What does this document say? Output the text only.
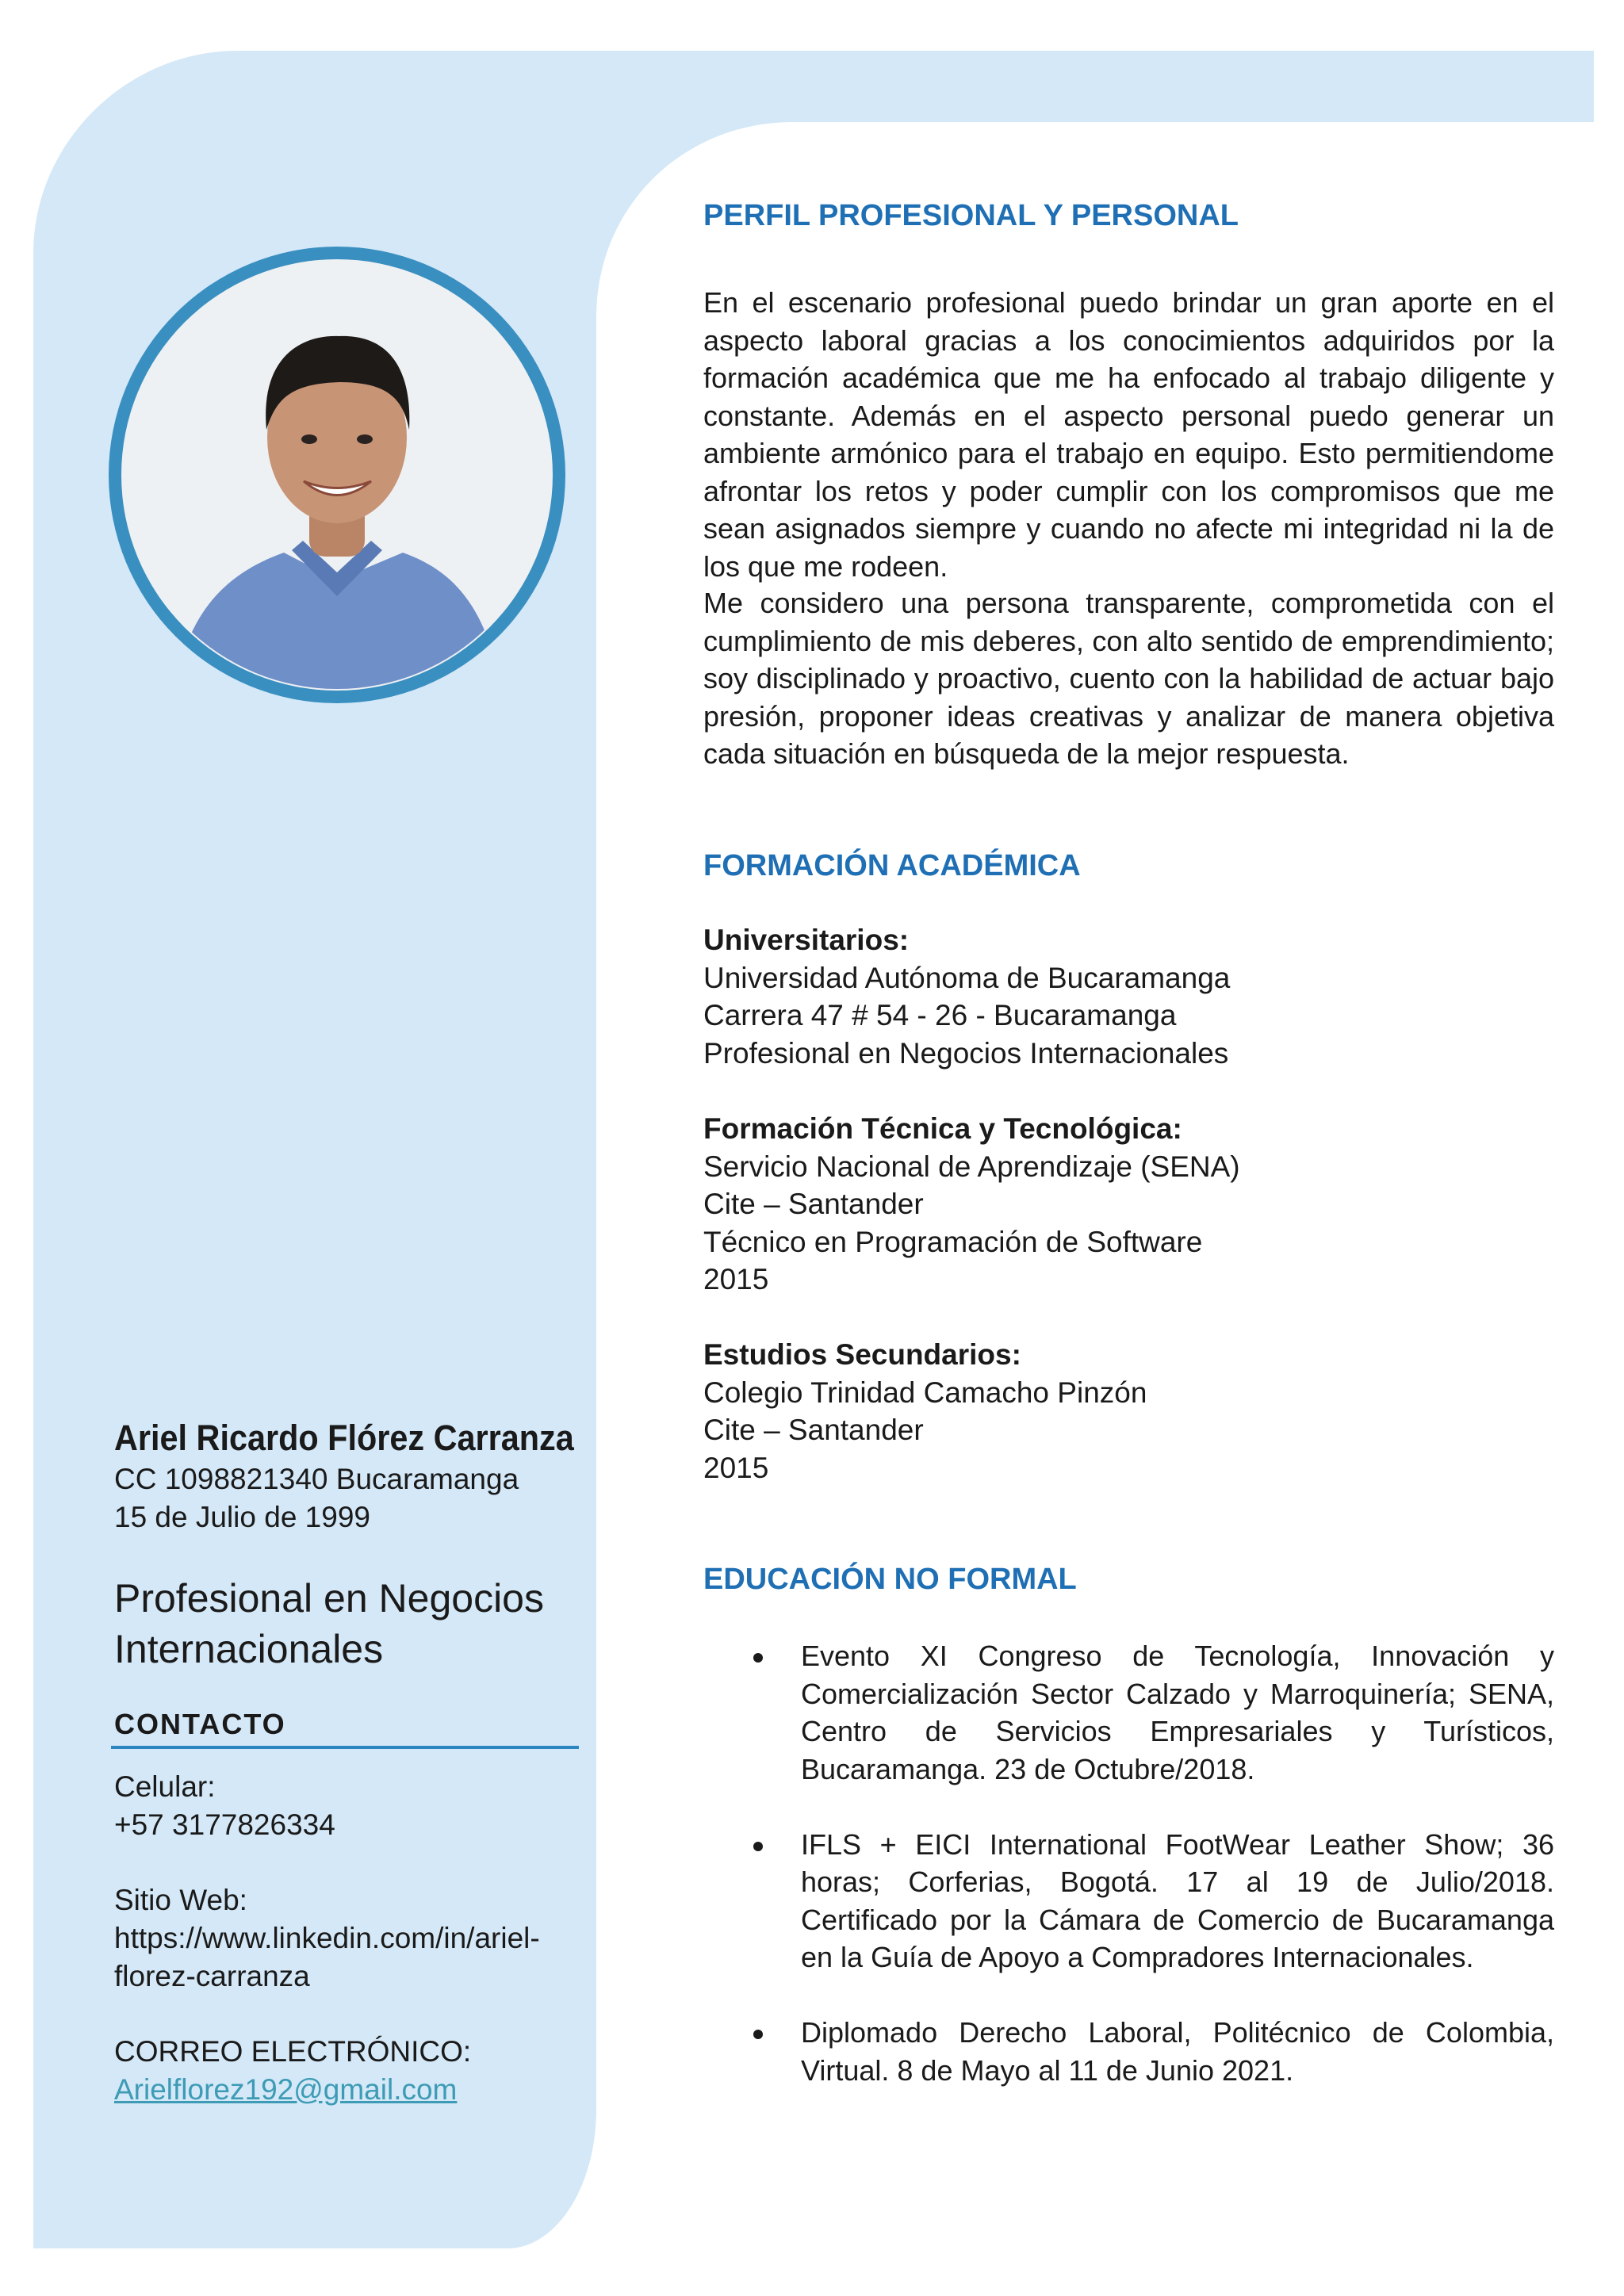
Ariel Ricardo Flórez Carranza
CC 1098821340 Bucaramanga
15 de Julio de 1999
Profesional en Negocios Internacionales
CONTACTO
Celular:
+57 3177826334
Sitio Web:
https://www.linkedin.com/in/ariel-
florez-carranza
CORREO ELECTRÓNICO:
Arielflorez192@gmail.com
PERFIL PROFESIONAL Y PERSONAL
En el escenario profesional puedo brindar un gran aporte en el aspecto laboral gracias a los conocimientos adquiridos por la formación académica que me ha enfocado al trabajo diligente y constante. Además en el aspecto personal puedo generar un ambiente armónico para el trabajo en equipo. Esto permitiendome afrontar los retos y poder cumplir con los compromisos que me sean asignados siempre y cuando no afecte mi integridad ni la de los que me rodeen.
Me considero una persona transparente, comprometida con el cumplimiento de mis deberes, con alto sentido de emprendimiento; soy disciplinado y proactivo, cuento con la habilidad de actuar bajo presión, proponer ideas creativas y analizar de manera objetiva cada situación en búsqueda de la mejor respuesta.
FORMACIÓN ACADÉMICA
Universitarios:
Universidad Autónoma de Bucaramanga
Carrera 47 # 54 - 26 - Bucaramanga
Profesional en Negocios Internacionales
Formación Técnica y Tecnológica:
Servicio Nacional de Aprendizaje (SENA)
Cite – Santander
Técnico en Programación de Software
2015
Estudios Secundarios:
Colegio Trinidad Camacho Pinzón
Cite – Santander
2015
EDUCACIÓN NO FORMAL
Evento XI Congreso de Tecnología, Innovación y Comercialización Sector Calzado y Marroquinería; SENA, Centro de Servicios Empresariales y Turísticos, Bucaramanga. 23 de Octubre/2018.
IFLS + EICI International FootWear Leather Show; 36 horas; Corferias, Bogotá. 17 al 19 de Julio/2018. Certificado por la Cámara de Comercio de Bucaramanga en la Guía de Apoyo a Compradores Internacionales.
Diplomado Derecho Laboral, Politécnico de Colombia, Virtual. 8 de Mayo al 11 de Junio 2021.
